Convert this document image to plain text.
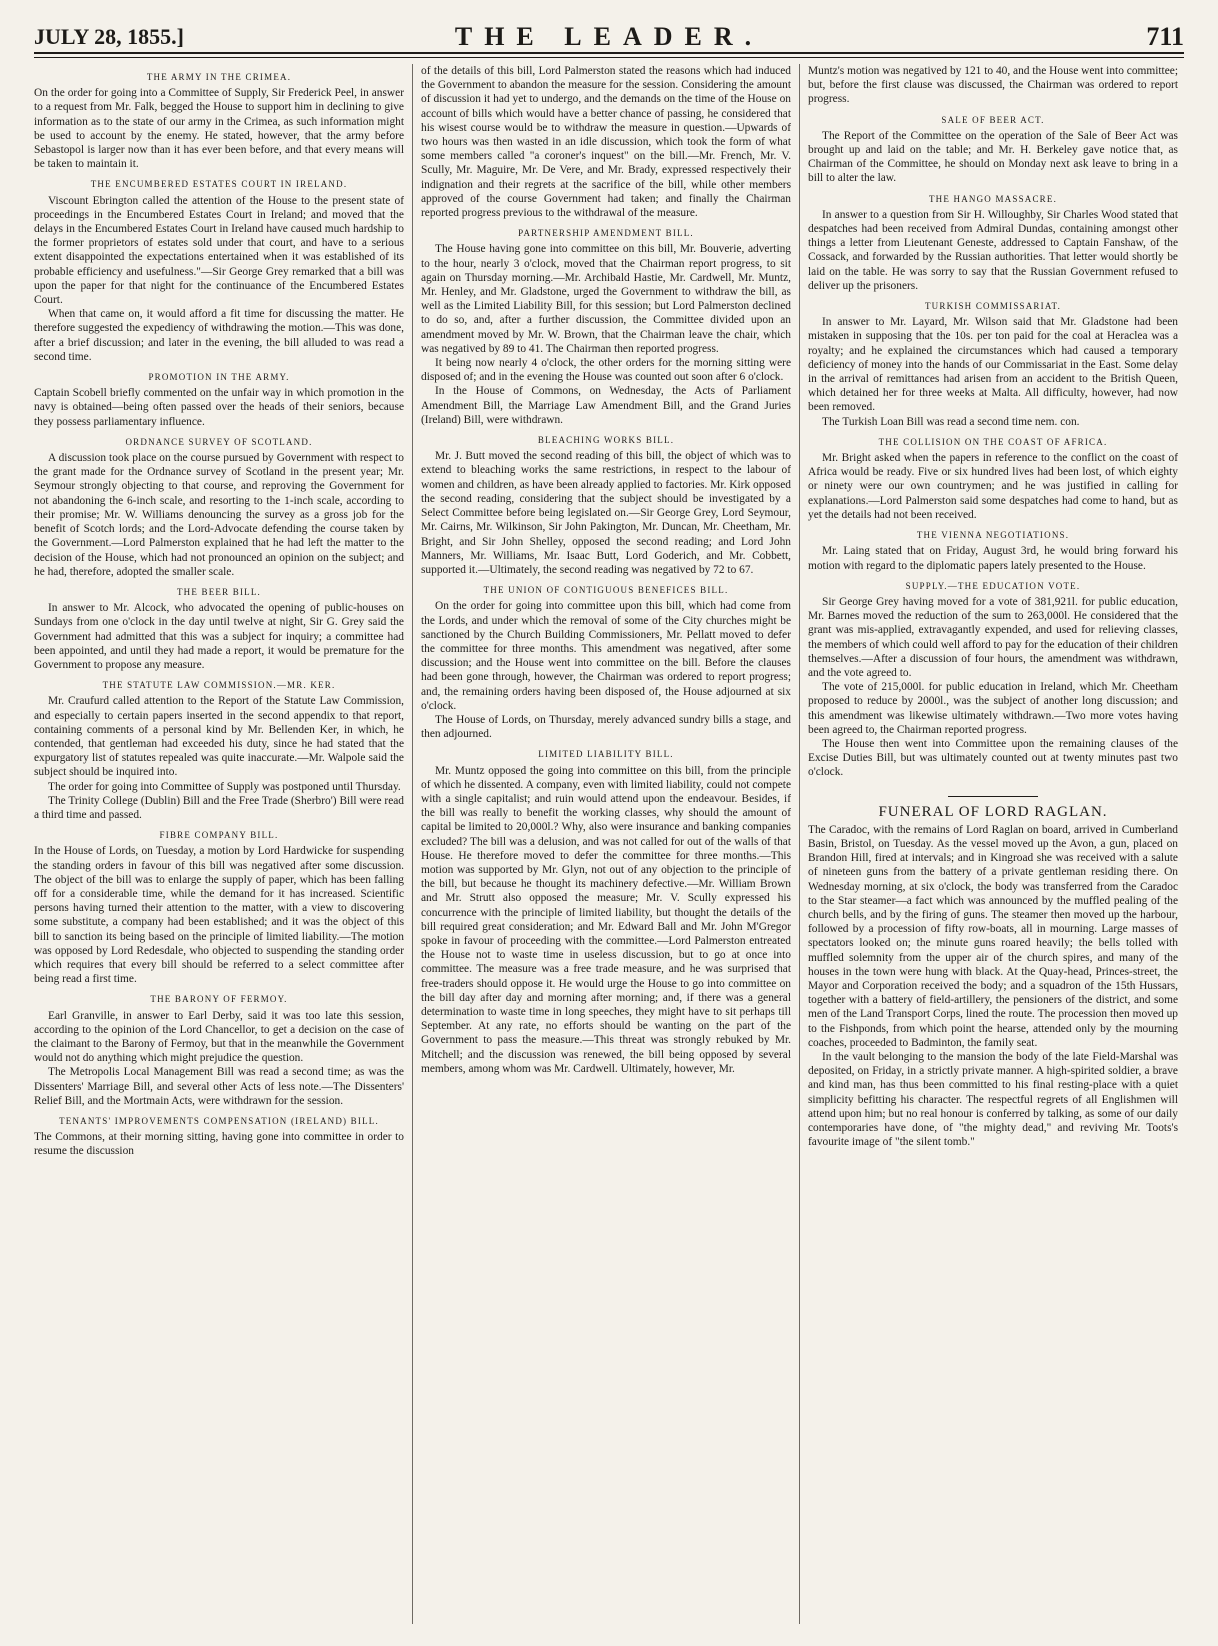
JULY 28, 1855.]	THE LEADER.	711
THE ARMY IN THE CRIMEA.

On the order for going into a Committee of Supply, Sir Frederick Peel, in answer to a request from Mr. Falk, begged the House to support him in declining to give information as to the state of our army in the Crimea, as such information might be used to account by the enemy. He stated, however, that the army before Sebastopol is larger now than it has ever been before, and that every means will be taken to maintain it.

THE ENCUMBERED ESTATES COURT IN IRELAND.

Viscount Ebrington called the attention of the House to the present state of proceedings in the Encumbered Estates Court in Ireland; and moved that the delays in the Encumbered Estates Court in Ireland have caused much hardship to the former proprietors of estates sold under that court, and have to a serious extent disappointed the expectations entertained when it was established of its probable efficiency and usefulness."—Sir George Grey remarked that a bill was upon the paper for that night for the continuance of the Encumbered Estates Court.

When that came on, it would afford a fit time for discussing the matter. He therefore suggested the expediency of withdrawing the motion.—This was done, after a brief discussion; and later in the evening, the bill alluded to was read a second time.

PROMOTION IN THE ARMY.

Captain Scobell briefly commented on the unfair way in which promotion in the navy is obtained—being often passed over the heads of their seniors, because they possess parliamentary influence.

ORDNANCE SURVEY OF SCOTLAND.

A discussion took place on the course pursued by Government with respect to the grant made for the Ordnance survey of Scotland in the present year; Mr. Seymour strongly objecting to that course, and reproving the Government for not abandoning the 6-inch scale, and resorting to the 1-inch scale, according to their promise; Mr. W. Williams denouncing the survey as a gross job for the benefit of Scotch lords; and the Lord-Advocate defending the course taken by the Government.—Lord Palmerston explained that he had left the matter to the decision of the House, which had not pronounced an opinion on the subject; and he had, therefore, adopted the smaller scale.

THE BEER BILL.

In answer to Mr. Alcock, who advocated the opening of public-houses on Sundays from one o'clock in the day until twelve at night, Sir G. Grey said the Government had admitted that this was a subject for inquiry; a committee had been appointed, and until they had made a report, it would be premature for the Government to propose any measure.

THE STATUTE LAW COMMISSION.—MR. KER.

Mr. Craufurd called attention to the Report of the Statute Law Commission, and especially to certain papers inserted in the second appendix to that report, containing comments of a personal kind by Mr. Bellenden Ker, in which, he contended, that gentleman had exceeded his duty, since he had stated that the expurgatory list of statutes repealed was quite inaccurate.—Mr. Walpole said the subject should be inquired into.

The order for going into Committee of Supply was postponed until Thursday.

The Trinity College (Dublin) Bill and the Free Trade (Sherbro') Bill were read a third time and passed.

FIBRE COMPANY BILL.

In the House of Lords, on Tuesday, a motion by Lord Hardwicke for suspending the standing orders in favour of this bill was negatived after some discussion. The object of the bill was to enlarge the supply of paper, which has been falling off for a considerable time, while the demand for it has increased. Scientific persons having turned their attention to the matter, with a view to discovering some substitute, a company had been established; and it was the object of this bill to sanction its being based on the principle of limited liability.—The motion was opposed by Lord Redesdale, who objected to suspending the standing order which requires that every bill should be referred to a select committee after being read a first time.

THE BARONY OF FERMOY.

Earl Granville, in answer to Earl Derby, said it was too late this session, according to the opinion of the Lord Chancellor, to get a decision on the case of the claimant to the Barony of Fermoy, but that in the meanwhile the Government would not do anything which might prejudice the question.

The Metropolis Local Management Bill was read a second time; as was the Dissenters' Marriage Bill, and several other Acts of less note.—The Dissenters' Relief Bill, and the Mortmain Acts, were withdrawn for the session.

TENANTS' IMPROVEMENTS COMPENSATION (IRELAND) BILL.

The Commons, at their morning sitting, having gone into committee in order to resume the discussion

of the details of this bill, Lord Palmerston stated the reasons which had induced the Government to abandon the measure for the session. Considering the amount of discussion it had yet to undergo, and the demands on the time of the House on account of bills which would have a better chance of passing, he considered that his wisest course would be to withdraw the measure in question.—Upwards of two hours was then wasted in an idle discussion, which took the form of what some members called "a coroner's inquest" on the bill.—Mr. French, Mr. V. Scully, Mr. Maguire, Mr. De Vere, and Mr. Brady, expressed respectively their indignation and their regrets at the sacrifice of the bill, while other members approved of the course Government had taken; and finally the Chairman reported progress previous to the withdrawal of the measure.

PARTNERSHIP AMENDMENT BILL.

The House having gone into committee on this bill, Mr. Bouverie, adverting to the hour, nearly 3 o'clock, moved that the Chairman report progress, to sit again on Thursday morning.—Mr. Archibald Hastie, Mr. Cardwell, Mr. Muntz, Mr. Henley, and Mr. Gladstone, urged the Government to withdraw the bill, as well as the Limited Liability Bill, for this session; but Lord Palmerston declined to do so, and, after a further discussion, the Committee divided upon an amendment moved by Mr. W. Brown, that the Chairman leave the chair, which was negatived by 89 to 41. The Chairman then reported progress.

It being now nearly 4 o'clock, the other orders for the morning sitting were disposed of; and in the evening the House was counted out soon after 6 o'clock.

In the House of Commons, on Wednesday, the Acts of Parliament Amendment Bill, the Marriage Law Amendment Bill, and the Grand Juries (Ireland) Bill, were withdrawn.

BLEACHING WORKS BILL.

Mr. J. Butt moved the second reading of this bill, the object of which was to extend to bleaching works the same restrictions, in respect to the labour of women and children, as have been already applied to factories. Mr. Kirk opposed the second reading, considering that the subject should be investigated by a Select Committee before being legislated on.—Sir George Grey, Lord Seymour, Mr. Cairns, Mr. Wilkinson, Sir John Pakington, Mr. Duncan, Mr. Cheetham, Mr. Bright, and Sir John Shelley, opposed the second reading; and Lord John Manners, Mr. Williams, Mr. Isaac Butt, Lord Goderich, and Mr. Cobbett, supported it.—Ultimately, the second reading was negatived by 72 to 67.

THE UNION OF CONTIGUOUS BENEFICES BILL.

On the order for going into committee upon this bill, which had come from the Lords, and under which the removal of some of the City churches might be sanctioned by the Church Building Commissioners, Mr. Pellatt moved to defer the committee for three months. This amendment was negatived, after some discussion; and the House went into committee on the bill. Before the clauses had been gone through, however, the Chairman was ordered to report progress; and, the remaining orders having been disposed of, the House adjourned at six o'clock.

The House of Lords, on Thursday, merely advanced sundry bills a stage, and then adjourned.

LIMITED LIABILITY BILL.

Mr. Muntz opposed the going into committee on this bill, from the principle of which he dissented. A company, even with limited liability, could not compete with a single capitalist; and ruin would attend upon the endeavour. Besides, if the bill was really to benefit the working classes, why should the amount of capital be limited to 20,000l.? Why, also were insurance and banking companies excluded? The bill was a delusion, and was not called for out of the walls of that House. He therefore moved to defer the committee for three months.—This motion was supported by Mr. Glyn, not out of any objection to the principle of the bill, but because he thought its machinery defective.—Mr. William Brown and Mr. Strutt also opposed the measure; Mr. V. Scully expressed his concurrence with the principle of limited liability, but thought the details of the bill required great consideration; and Mr. Edward Ball and Mr. John M'Gregor spoke in favour of proceeding with the committee.—Lord Palmerston entreated the House not to waste time in useless discussion, but to go at once into committee. The measure was a free trade measure, and he was surprised that free-traders should oppose it. He would urge the House to go into committee on the bill day after day and morning after morning; and, if there was a general determination to waste time in long speeches, they might have to sit perhaps till September. At any rate, no efforts should be wanting on the part of the Government to pass the measure.—This threat was strongly rebuked by Mr. Mitchell; and the discussion was renewed, the bill being opposed by several members, among whom was Mr. Cardwell. Ultimately, however, Mr.

Muntz's motion was negatived by 121 to 40, and the House went into committee; but, before the first clause was discussed, the Chairman was ordered to report progress.

SALE OF BEER ACT.

The Report of the Committee on the operation of the Sale of Beer Act was brought up and laid on the table; and Mr. H. Berkeley gave notice that, as Chairman of the Committee, he should on Monday next ask leave to bring in a bill to alter the law.

THE HANGO MASSACRE.

In answer to a question from Sir H. Willoughby, Sir Charles Wood stated that despatches had been received from Admiral Dundas, containing amongst other things a letter from Lieutenant Geneste, addressed to Captain Fanshaw, of the Cossack, and forwarded by the Russian authorities. That letter would shortly be laid on the table. He was sorry to say that the Russian Government refused to deliver up the prisoners.

TURKISH COMMISSARIAT.

In answer to Mr. Layard, Mr. Wilson said that Mr. Gladstone had been mistaken in supposing that the 10s. per ton paid for the coal at Heraclea was a royalty; and he explained the circumstances which had caused a temporary deficiency of money into the hands of our Commissariat in the East. Some delay in the arrival of remittances had arisen from an accident to the British Queen, which detained her for three weeks at Malta. All difficulty, however, had now been removed.

The Turkish Loan Bill was read a second time nem. con.

THE COLLISION ON THE COAST OF AFRICA.

Mr. Bright asked when the papers in reference to the conflict on the coast of Africa would be ready. Five or six hundred lives had been lost, of which eighty or ninety were our own countrymen; and he was justified in calling for explanations.—Lord Palmerston said some despatches had come to hand, but as yet the details had not been received.

THE VIENNA NEGOTIATIONS.

Mr. Laing stated that on Friday, August 3rd, he would bring forward his motion with regard to the diplomatic papers lately presented to the House.

SUPPLY.—THE EDUCATION VOTE.

Sir George Grey having moved for a vote of 381,921l. for public education, Mr. Barnes moved the reduction of the sum to 263,000l. He considered that the grant was mis-applied, extravagantly expended, and used for relieving classes, the members of which could well afford to pay for the education of their children themselves.—After a discussion of four hours, the amendment was withdrawn, and the vote agreed to.

The vote of 215,000l. for public education in Ireland, which Mr. Cheetham proposed to reduce by 2000l., was the subject of another long discussion; and this amendment was likewise ultimately withdrawn.—Two more votes having been agreed to, the Chairman reported progress.

The House then went into Committee upon the remaining clauses of the Excise Duties Bill, but was ultimately counted out at twenty minutes past two o'clock.

FUNERAL OF LORD RAGLAN.

The Caradoc, with the remains of Lord Raglan on board, arrived in Cumberland Basin, Bristol, on Tuesday. As the vessel moved up the Avon, a gun, placed on Brandon Hill, fired at intervals; and in Kingroad she was received with a salute of nineteen guns from the battery of a private gentleman residing there. On Wednesday morning, at six o'clock, the body was transferred from the Caradoc to the Star steamer—a fact which was announced by the muffled pealing of the church bells, and by the firing of guns. The steamer then moved up the harbour, followed by a procession of fifty row-boats, all in mourning. Large masses of spectators looked on; the minute guns roared heavily; the bells tolled with muffled solemnity from the upper air of the church spires, and many of the houses in the town were hung with black. At the Quay-head, Princes-street, the Mayor and Corporation received the body; and a squadron of the 15th Hussars, together with a battery of field-artillery, the pensioners of the district, and some men of the Land Transport Corps, lined the route. The procession then moved up to the Fishponds, from which point the hearse, attended only by the mourning coaches, proceeded to Badminton, the family seat.

In the vault belonging to the mansion the body of the late Field-Marshal was deposited, on Friday, in a strictly private manner. A high-spirited soldier, a brave and kind man, has thus been committed to his final resting-place with a quiet simplicity befitting his character. The respectful regrets of all Englishmen will attend upon him; but no real honour is conferred by talking, as some of our daily contemporaries have done, of "the mighty dead," and reviving Mr. Toots's favourite image of "the silent tomb."
